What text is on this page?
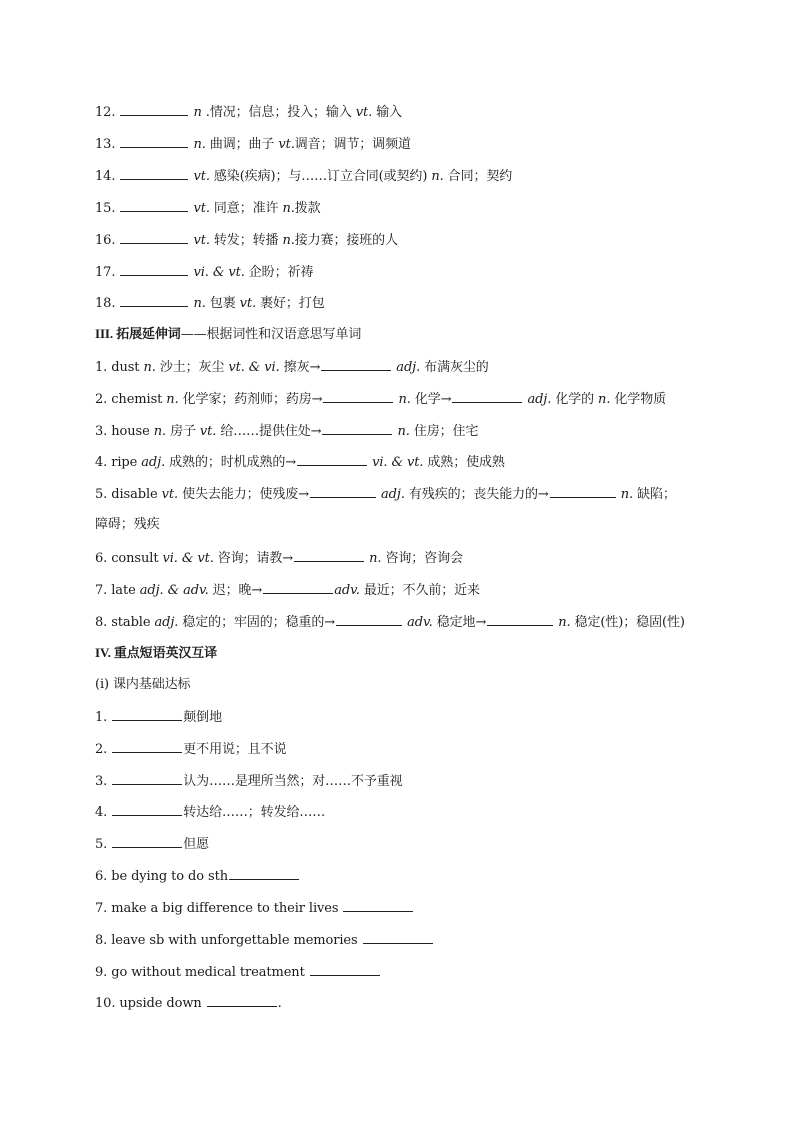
12.	n .情况；信息；投入；输入 vt. 输入
13.	n. 曲调；曲子 vt.调音；调节；调频道
14.	vt. 感染(疾病)；与……订立合同(或契约) n. 合同；契约
15.	vt. 同意；准许 n.拨款
16.	vt. 转发；转播 n.接力赛；接班的人
17.	vi. & vt. 企盼；祈祷
18.	n. 包裹 vt. 裹好；打包
III. 拓展延伸词——根据词性和汉语意思写单词
1. dust n. 沙土；灰尘 vt. & vi. 擦灰→	adj. 布满灰尘的
2. chemist n. 化学家；药剂师；药房→	n. 化学→	adj. 化学的 n. 化学物质
3. house n. 房子 vt. 给……提供住处→	n. 住房；住宅
4. ripe adj. 成熟的；时机成熟的→	vi. & vt. 成熟；使成熟
5. disable vt. 使失去能力；使残废→	adj. 有残疾的；丧失能力的→	n. 缺陷；
障碍；残疾
6. consult vi. & vt. 咨询；请教→	n. 咨询；咨询会
7. late adj. & adv. 迟；晚→	adv. 最近；不久前；近来
8. stable adj. 稳定的；牢固的；稳重的→	adv. 稳定地→	n. 稳定(性)；稳固(性)
IV. 重点短语英汉互译
(i) 课内基础达标
1.	颠倒地
2.	更不用说；且不说
3.	认为……是理所当然；对……不予重视
4.	转达给……；转发给……
5.	但愿
6. be dying to do sth
7. make a big difference to their lives
8. leave sb with unforgettable memories
9. go without medical treatment
10. upside down	.
